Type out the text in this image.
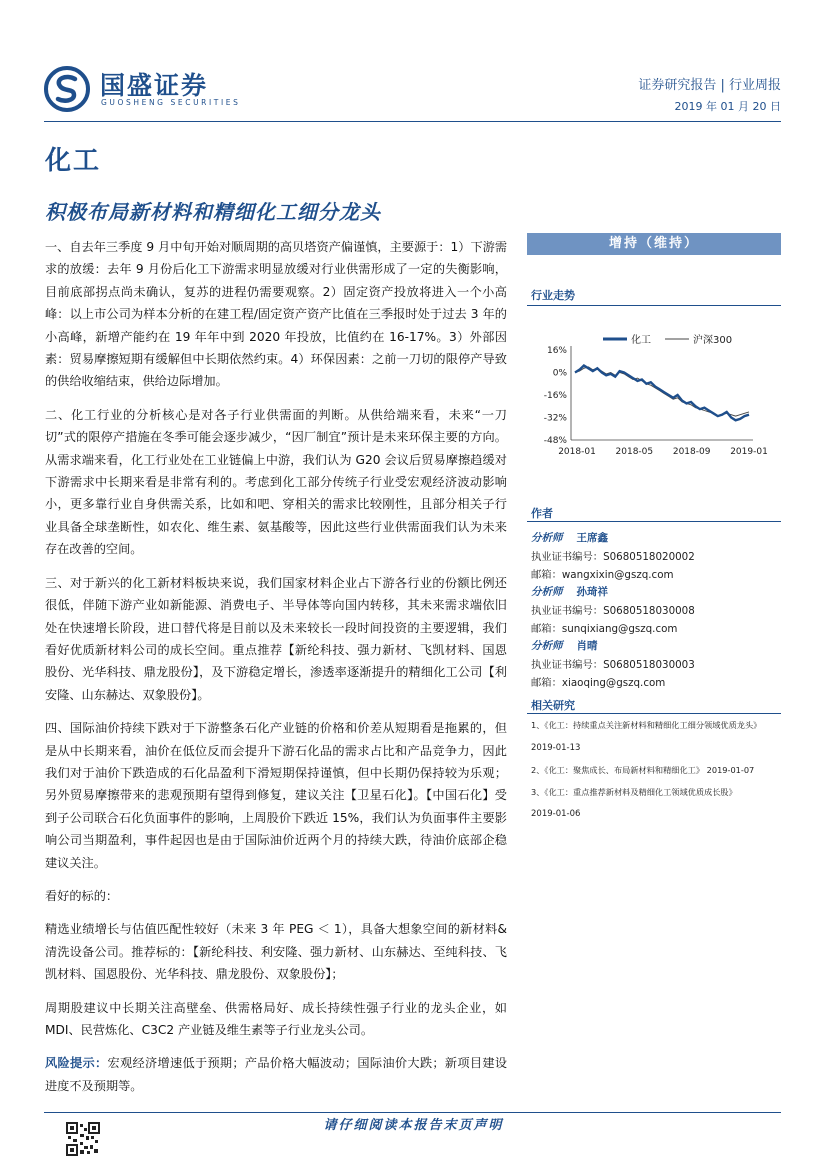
国盛证券
GUOSHENG SECURITIES
证券研究报告 | 行业周报
2019 年 01 月 20 日
化工
积极布局新材料和精细化工细分龙头

一、自去年三季度 9 月中旬开始对顺周期的高贝塔资产偏谨慎，主要源于：1）下游需求的放缓：去年 9 月份后化工下游需求明显放缓对行业供需形成了一定的失衡影响，目前底部拐点尚未确认，复苏的进程仍需要观察。2）固定资产投放将进入一个小高峰：以上市公司为样本分析的在建工程/固定资产资产比值在三季报时处于过去 3 年的小高峰，新增产能约在 19 年年中到 2020 年投放，比值约在 16-17%。3）外部因素：贸易摩擦短期有缓解但中长期依然约束。4）环保因素：之前一刀切的限停产导致的供给收缩结束，供给边际增加。

二、化工行业的分析核心是对各子行业供需面的判断。从供给端来看，未来“一刀切”式的限停产措施在冬季可能会逐步减少，“因厂制宜”预计是未来环保主要的方向。从需求端来看，化工行业处在工业链偏上中游，我们认为 G20 会议后贸易摩擦趋缓对下游需求中长期来看是非常有利的。考虑到化工部分传统子行业受宏观经济波动影响小，更多靠行业自身供需关系，比如和吧、穿相关的需求比较刚性，且部分相关子行业具备全球垄断性，如农化、维生素、氨基酸等，因此这些行业供需面我们认为未来存在改善的空间。

三、对于新兴的化工新材料板块来说，我们国家材料企业占下游各行业的份额比例还很低，伴随下游产业如新能源、消费电子、半导体等向国内转移，其未来需求端依旧处在快速增长阶段，进口替代将是目前以及未来较长一段时间投资的主要逻辑，我们看好优质新材料公司的成长空间。重点推荐【新纶科技、强力新材、飞凯材料、国恩股份、光华科技、鼎龙股份】，及下游稳定增长，渗透率逐渐提升的精细化工公司【利安隆、山东赫达、双象股份】。

四、国际油价持续下跌对于下游整条石化产业链的价格和价差从短期看是拖累的，但是从中长期来看，油价在低位反而会提升下游石化品的需求占比和产品竞争力，因此我们对于油价下跌造成的石化品盈利下滑短期保持谨慎，但中长期仍保持较为乐观；另外贸易摩擦带来的悲观预期有望得到修复，建议关注【卫星石化】。【中国石化】受到子公司联合石化负面事件的影响，上周股价下跌近 15%，我们认为负面事件主要影响公司当期盈利，事件起因也是由于国际油价近两个月的持续大跌，待油价底部企稳建议关注。

看好的标的：

精选业绩增长与估值匹配性较好（未来 3 年 PEG ＜ 1），具备大想象空间的新材料&清洗设备公司。推荐标的：【新纶科技、利安隆、强力新材、山东赫达、至纯科技、飞凯材料、国恩股份、光华科技、鼎龙股份、双象股份】；

周期股建议中长期关注高壁垒、供需格局好、成长持续性强子行业的龙头企业，如 MDI、民营炼化、C3C2 产业链及维生素等子行业龙头公司。

风险提示：宏观经济增速低于预期；产品价格大幅波动；国际油价大跌；新项目建设进度不及预期等。

增持（维持）
行业走势
化工	沪深300
16%
0%
-16%
-32%
-48%
2018-01 2018-05 2018-09 2019-01
作者
分析师 王席鑫
执业证书编号：S0680518020002
邮箱：wangxixin@gszq.com
分析师 孙琦祥
执业证书编号：S0680518030008
邮箱：sunqixiang@gszq.com
分析师 肖晴
执业证书编号：S0680518030003
邮箱：xiaoqing@gszq.com
相关研究
1、《化工：持续重点关注新材料和精细化工细分领域优质龙头》
2019-01-13
2、《化工：聚焦成长、布局新材料和精细化工》 2019-01-07
3、《化工：重点推荐新材料及精细化工领域优质成长股》
2019-01-06
请仔细阅读本报告末页声明
